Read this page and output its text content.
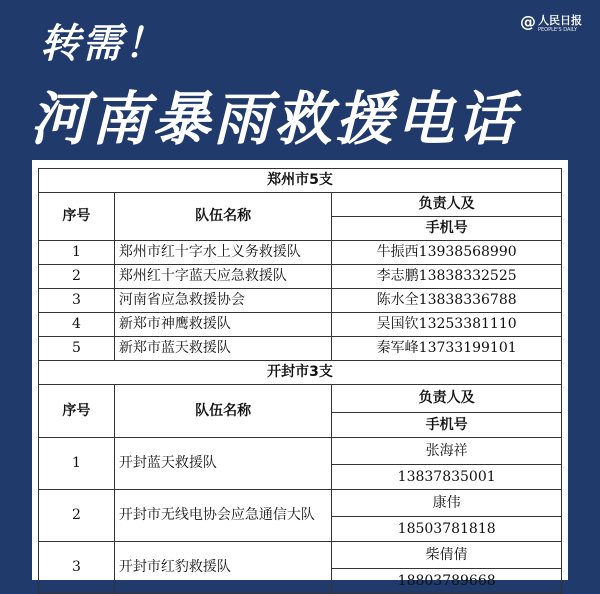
转需！
河南暴雨救援电话
@ 人民日报
PEOPLE'S DAILY
郑州市5支		
序号	队伍名称	负责人及
		手机号
1	郑州市红十字水上义务救援队	牛振西13938568990
2	郑州红十字蓝天应急救援队	李志鹏13838332525
3	河南省应急救援协会	陈水全13838336788
4	新郑市神鹰救援队	吴国钦13253381110
5	新郑市蓝天救援队	秦军峰13733199101
开封市3支		
序号	队伍名称	负责人及
		手机号
1	开封蓝天救援队	张海祥
		13837835001
2	开封市无线电协会应急通信大队	康伟
		18503781818
3	开封市红豹救援队	柴倩倩
		18803789668
